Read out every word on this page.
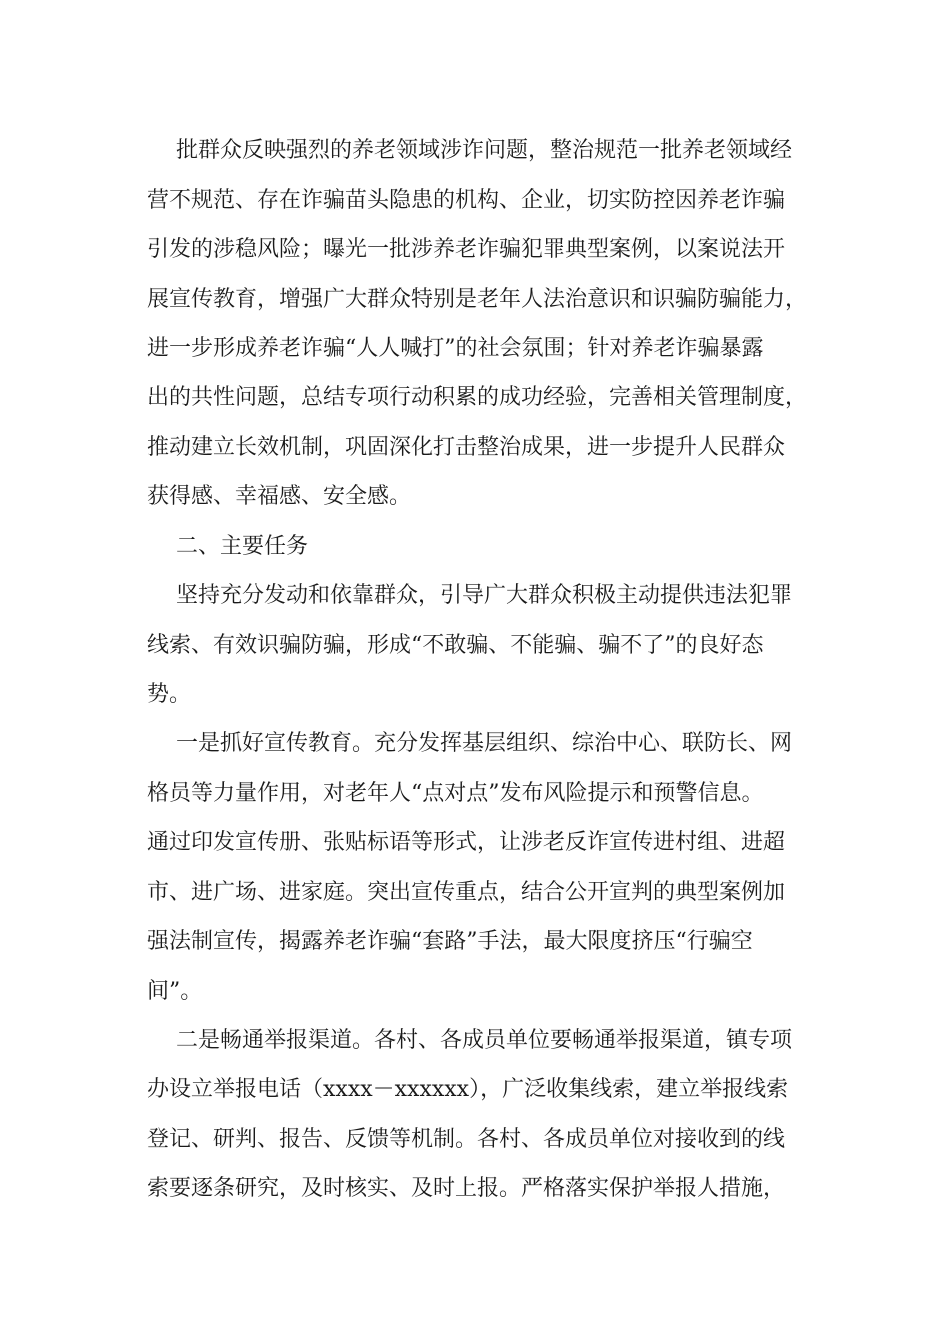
批群众反映强烈的养老领域涉诈问题，整治规范一批养老领域经
营不规范、存在诈骗苗头隐患的机构、企业，切实防控因养老诈骗
引发的涉稳风险；曝光一批涉养老诈骗犯罪典型案例，以案说法开
展宣传教育，增强广大群众特别是老年人法治意识和识骗防骗能力，
进一步形成养老诈骗“人人喊打”的社会氛围；针对养老诈骗暴露
出的共性问题，总结专项行动积累的成功经验，完善相关管理制度，
推动建立长效机制，巩固深化打击整治成果，进一步提升人民群众
获得感、幸福感、安全感。
二、主要任务
坚持充分发动和依靠群众，引导广大群众积极主动提供违法犯罪
线索、有效识骗防骗，形成“不敢骗、不能骗、骗不了”的良好态
势。
一是抓好宣传教育。充分发挥基层组织、综治中心、联防长、网
格员等力量作用，对老年人“点对点”发布风险提示和预警信息。
通过印发宣传册、张贴标语等形式，让涉老反诈宣传进村组、进超
市、进广场、进家庭。突出宣传重点，结合公开宣判的典型案例加
强法制宣传，揭露养老诈骗“套路”手法，最大限度挤压“行骗空
间”。
二是畅通举报渠道。各村、各成员单位要畅通举报渠道，镇专项
办设立举报电话（xxxx－xxxxxx），广泛收集线索，建立举报线索
登记、研判、报告、反馈等机制。各村、各成员单位对接收到的线
索要逐条研究，及时核实、及时上报。严格落实保护举报人措施，
